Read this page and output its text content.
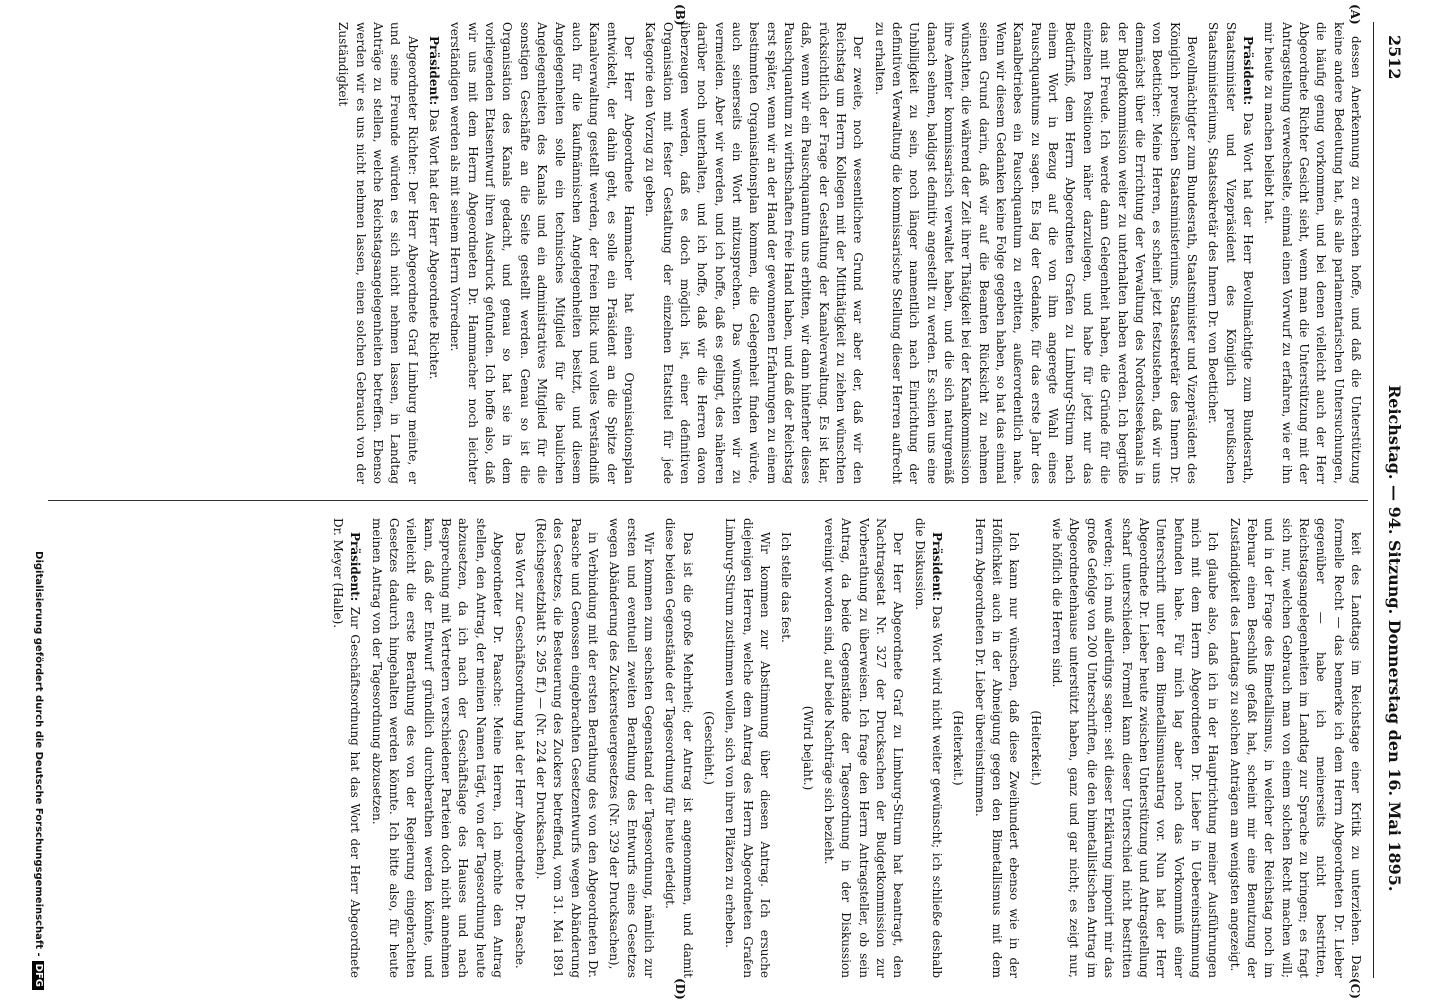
2512
Reichstag. — 94. Sitzung. Donnerstag den 16. Mai 1895.
(A)
(B)
(C)
(D)

dessen Anerkennung zu erreichen hoffe, und daß die Unterstützung keine andere Bedeutung hat, als alle parlamentarischen Untersuchungen, die häufig genug vorkommen, und bei denen vielleicht auch der Herr Abgeordnete Richter Gesicht sieht, wenn man die Unterstützung mit der Antragstellung verwechselte, einmal einen Vorwurf zu erfahren, wie er ihn mir heute zu machen beliebt hat.

Präsident: Das Wort hat der Herr Bevollmächtigte zum Bundesrath, Staatsminister und Vizepräsident des Königlich preußischen Staatsministeriums, Staatssekretär des Innern Dr. von Boetticher.

Bevollmächtigter zum Bundesrath, Staatsminister und Vizepräsident des Königlich preußischen Staatsministeriums, Staatssekretär des Innern Dr. von Boetticher: Meine Herren, es scheint jetzt festzustehen, daß wir uns demnächst über die Errichtung der Verwaltung des Nordostseekanals in der Budgetkommission weiter zu unterhalten haben werden. Ich begrüße das mit Freude. Ich werde dann Gelegenheit haben, die Gründe für die einzelnen Positionen näher darzulegen, und habe für jetzt nur das Bedürfniß, dem Herrn Abgeordneten Grafen zu Limburg-Stirum nach einem Wort in Bezug auf die von ihm angeregte Wahl eines Pauschquantums zu sagen. Es lag der Gedanke, für das erste Jahr des Kanalbetriebes ein Pauschquantum zu erbitten, außerordentlich nahe. Wenn wir diesem Gedanken keine Folge gegeben haben, so hat das einmal seinen Grund darin, daß wir auf die Beamten Rücksicht zu nehmen wünschten, die während der Zeit ihrer Thätigkeit bei der Kanalkommission ihre Aemter kommissarisch verwaltet haben, und die sich naturgemäß danach sehnen, baldigst definitiv angestellt zu werden. Es schien uns eine Unbilligkeit zu sein, noch länger namentlich nach Einrichtung der definitiven Verwaltung die kommissarische Stellung dieser Herren aufrecht zu erhalten.

Der zweite, noch wesentlichere Grund war aber der, daß wir den Reichstag um Herrn Kollegen mit der Mitthätigkeit zu ziehen wünschten rücksichtlich der Frage der Gestaltung der Kanalverwaltung. Es ist klar, daß, wenn wir ein Pauschquantum uns erbitten, wir dann hinterher dieses Pauschquantum zu wirthschaften freie Hand haben, und daß der Reichstag erst später, wenn wir an der Hand der gewonnenen Erfahrungen zu einem bestimmten Organisationsplan kommen, die Gelegenheit finden würde, auch seinerseits ein Wort mitzusprechen. Das wünschten wir zu vermeiden. Aber wir werden, und ich hoffe, daß es gelingt, des näheren darüber noch unterhalten, und ich hoffe, daß wir die Herren davon überzeugen werden, daß es doch möglich ist, einer definitiven Organisation mit fester Gestaltung der einzelnen Etatstitel für jede Kategorie den Vorzug zu geben.

Der Herr Abgeordnete Hammacher hat einen Organisationsplan entwickelt, der dahin geht, es solle ein Präsident an die Spitze der Kanalverwaltung gestellt werden, der freien Blick und volles Verständniß auch für die kaufmännischen Angelegenheiten besitzt, und diesem Angelegenheiten solle ein technisches Mitglied für die baulichen Angelegenheiten des Kanals und ein administratives Mitglied für die sonstigen Geschäfte an die Seite gestellt werden. Genau so ist die Organisation des Kanals gedacht, und genau so hat sie in dem vorliegenden Etatsentwurf ihren Ausdruck gefunden. Ich hoffe also, daß wir uns mit dem Herrn Abgeordneten Dr. Hammacher noch leichter verständigen werden als mit seinem Herrn Vorredner.

Präsident: Das Wort hat der Herr Abgeordnete Richter.

Abgeordneter Richter: Der Herr Abgeordnete Graf Limburg meinte, er und seine Freunde würden es sich nicht nehmen lassen, in Landtag Anträge zu stellen, welche Reichstagsangelegenheiten betreffen. Ebenso werden wir es uns nicht nehmen lassen, einen solchen Gebrauch von der Zuständigkeit

keit des Landtags im Reichstage einer Kritik zu unterziehen. Das formelle Recht — das bemerke ich dem Herrn Abgeordneten Dr. Lieber gegenüber — habe ich meinerseits nicht bestritten, Reichstagsangelegenheiten im Landtag zur Sprache zu bringen; es fragt sich nur, welchen Gebrauch man von einem solchen Recht machen will; und in der Frage des Bimetallismus, in welcher der Reichstag noch im Februar einen Beschluß gefaßt hat, scheint mir eine Benutzung der Zuständigkeit des Landtags zu solchen Anträgen am wenigsten angezeigt.

Ich glaube also, daß ich in der Hauptrichtung meiner Ausführungen mich mit dem Herrn Abgeordneten Dr. Lieber in Uebereinstimmung befunden habe. Für mich lag aber noch das Vorkommniß einer Unterschrift unter dem Bimetallismusantrag vor. Nun hat der Herr Abgeordnete Dr. Lieber heute zwischen Unterstützung und Antragstellung scharf unterschieden. Formell kann dieser Unterschied nicht bestritten werden; ich muß allerdings sagen: seit dieser Erklärung imponirt mir das große Gefolge von 200 Unterschriften, die den bimetallistischen Antrag im Abgeordnetenhause unterstützt haben, ganz und gar nicht; es zeigt nur, wie höflich die Herren sind.

(Heiterkeit.)

Ich kann nur wünschen, daß diese Zweihundert ebenso wie in der Höflichkeit auch in der Abneigung gegen den Bimetallismus mit dem Herrn Abgeordneten Dr. Lieber übereinstimmen.

(Heiterkeit.)

Präsident: Das Wort wird nicht weiter gewünscht; ich schließe deshalb die Diskussion.

Der Herr Abgeordnete Graf zu Limburg-Stirum hat beantragt, den Nachtragsetat Nr. 327 der Drucksachen der Budgetkommission zur Vorberathung zu überweisen. Ich frage den Herrn Antragsteller, ob sein Antrag, da beide Gegenstände der Tagesordnung in der Diskussion vereinigt worden sind, auf beide Nachträge sich bezieht.

(Wird bejaht.)

Ich stelle das fest.

Wir kommen zur Abstimmung über diesen Antrag. Ich ersuche diejenigen Herren, welche dem Antrag des Herrn Abgeordneten Grafen Limburg-Stirum zustimmen wollen, sich von ihren Plätzen zu erheben.

(Geschieht.)

Das ist die große Mehrheit; der Antrag ist angenommen, und damit diese beiden Gegenstände der Tagesordnung für heute erledigt.

Wir kommen zum sechsten Gegenstand der Tagesordnung, nämlich zur ersten und eventuell zweiten Berathung des Entwurfs eines Gesetzes wegen Abänderung des Zuckersteuergesetzes (Nr. 329 der Drucksachen),

in Verbindung mit der ersten Berathung des von den Abgeordneten Dr. Paasche und Genossen eingebrachten Gesetzentwurfs wegen Abänderung des Gesetzes, die Besteuerung des Zuckers betreffend, vom 31. Mai 1891 (Reichsgesetzblatt S. 295 ff.) — (Nr. 224 der Drucksachen).

Das Wort zur Geschäftsordnung hat der Herr Abgeordnete Dr. Paasche.

Abgeordneter Dr. Paasche: Meine Herren, ich möchte den Antrag stellen, den Antrag, der meinen Namen trägt, von der Tagesordnung heute abzusetzen, da ich nach der Geschäftslage des Hauses und nach Besprechung mit Vertretern verschiedener Parteien doch nicht annehmen kann, daß der Entwurf gründlich durchberathen werden könnte, und vielleicht die erste Berathung des von der Regierung eingebrachten Gesetzes dadurch hingehalten werden könnte. Ich bitte also, für heute meinen Antrag von der Tagesordnung abzusetzen.

Präsident: Zur Geschäftsordnung hat das Wort der Herr Abgeordnete Dr. Meyer (Halle).

Digitalisierung gefördert durch die Deutsche Forschungsgemeinschaft -DFG
